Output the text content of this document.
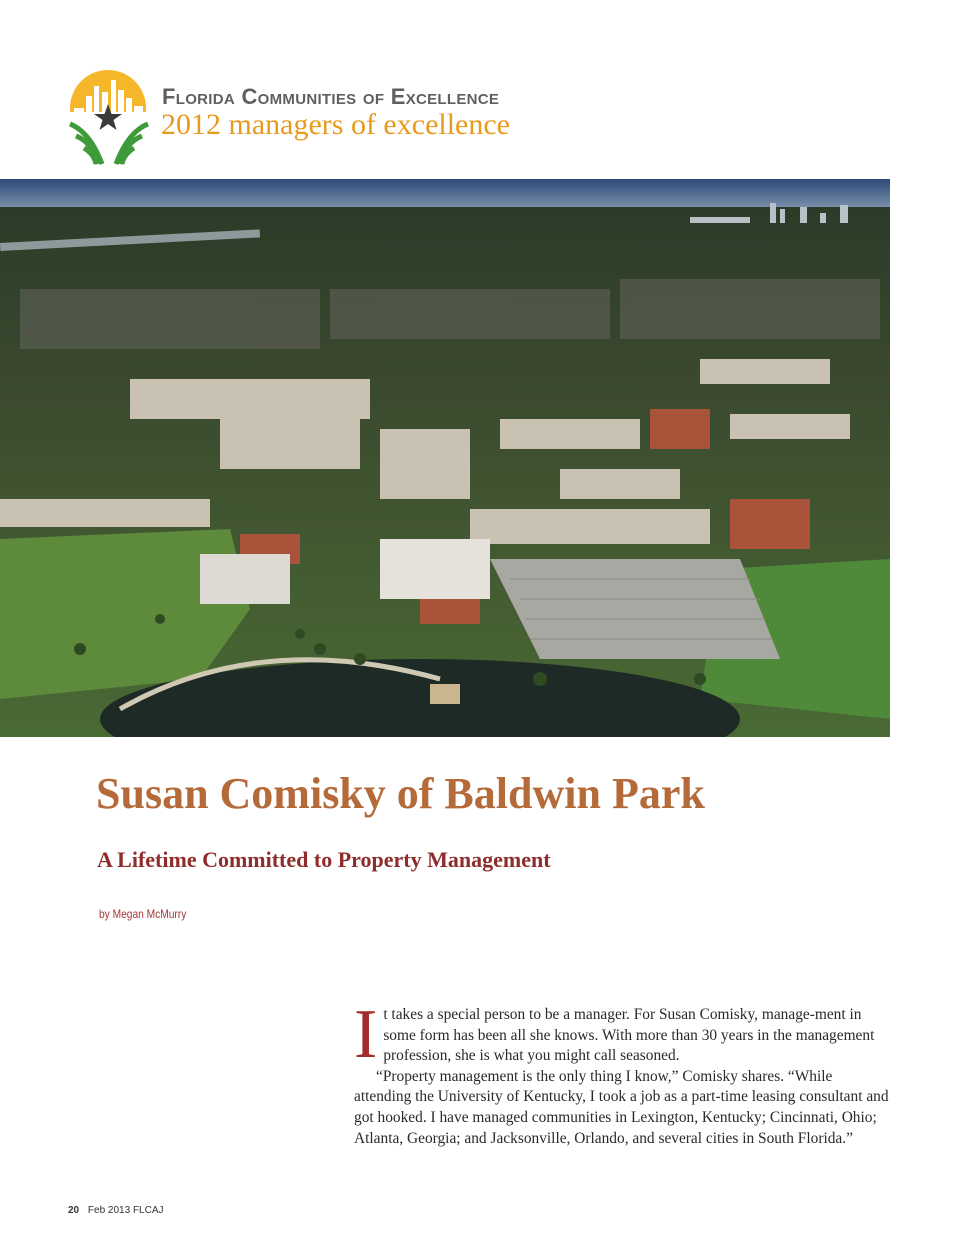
Florida Communities of Excellence
2012 managers of excellence
Susan Comisky of Baldwin Park
A Lifetime Committed to Property Management
by Megan McMurry
I t takes a special person to be a manager. For Susan Comisky, manage-ment in some form has been all she knows. With more than 30 years in the management profession, she is what you might call seasoned.

“Property management is the only thing I know,” Comisky shares. “While attending the University of Kentucky, I took a job as a part-time leasing consultant and got hooked. I have managed communities in Lexington, Kentucky; Cincinnati, Ohio; Atlanta, Georgia; and Jacksonville, Orlando, and several cities in South Florida.”

20 Feb 2013 FLCAJ
